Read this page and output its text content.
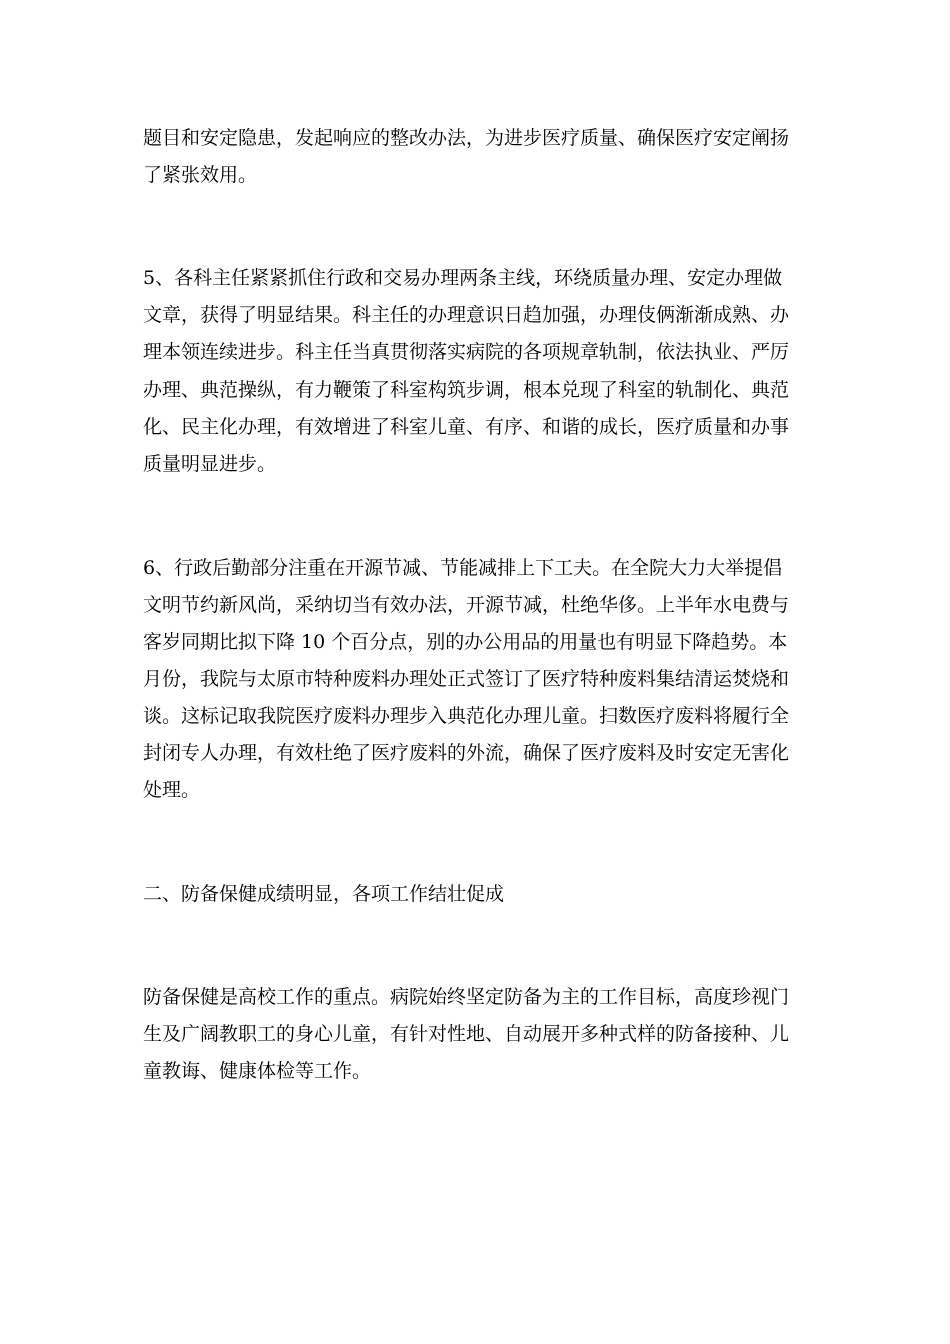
题目和安定隐患，发起响应的整改办法，为进步医疗质量、确保医疗安定阐扬

了紧张效用。

5、各科主任紧紧抓住行政和交易办理两条主线，环绕质量办理、安定办理做

文章，获得了明显结果。科主任的办理意识日趋加强，办理伎俩渐渐成熟、办

理本领连续进步。科主任当真贯彻落实病院的各项规章轨制，依法执业、严厉

办理、典范操纵，有力鞭策了科室构筑步调，根本兑现了科室的轨制化、典范

化、民主化办理，有效增进了科室儿童、有序、和谐的成长，医疗质量和办事

质量明显进步。

6、行政后勤部分注重在开源节减、节能减排上下工夫。在全院大力大举提倡

文明节约新风尚，采纳切当有效办法，开源节减，杜绝华侈。上半年水电费与

客岁同期比拟下降 10 个百分点，别的办公用品的用量也有明显下降趋势。本

月份，我院与太原市特种废料办理处正式签订了医疗特种废料集结清运焚烧和

谈。这标记取我院医疗废料办理步入典范化办理儿童。扫数医疗废料将履行全

封闭专人办理，有效杜绝了医疗废料的外流，确保了医疗废料及时安定无害化

处理。

二、防备保健成绩明显，各项工作结壮促成

防备保健是高校工作的重点。病院始终坚定防备为主的工作目标，高度珍视门

生及广阔教职工的身心儿童，有针对性地、自动展开多种式样的防备接种、儿

童教诲、健康体检等工作。
